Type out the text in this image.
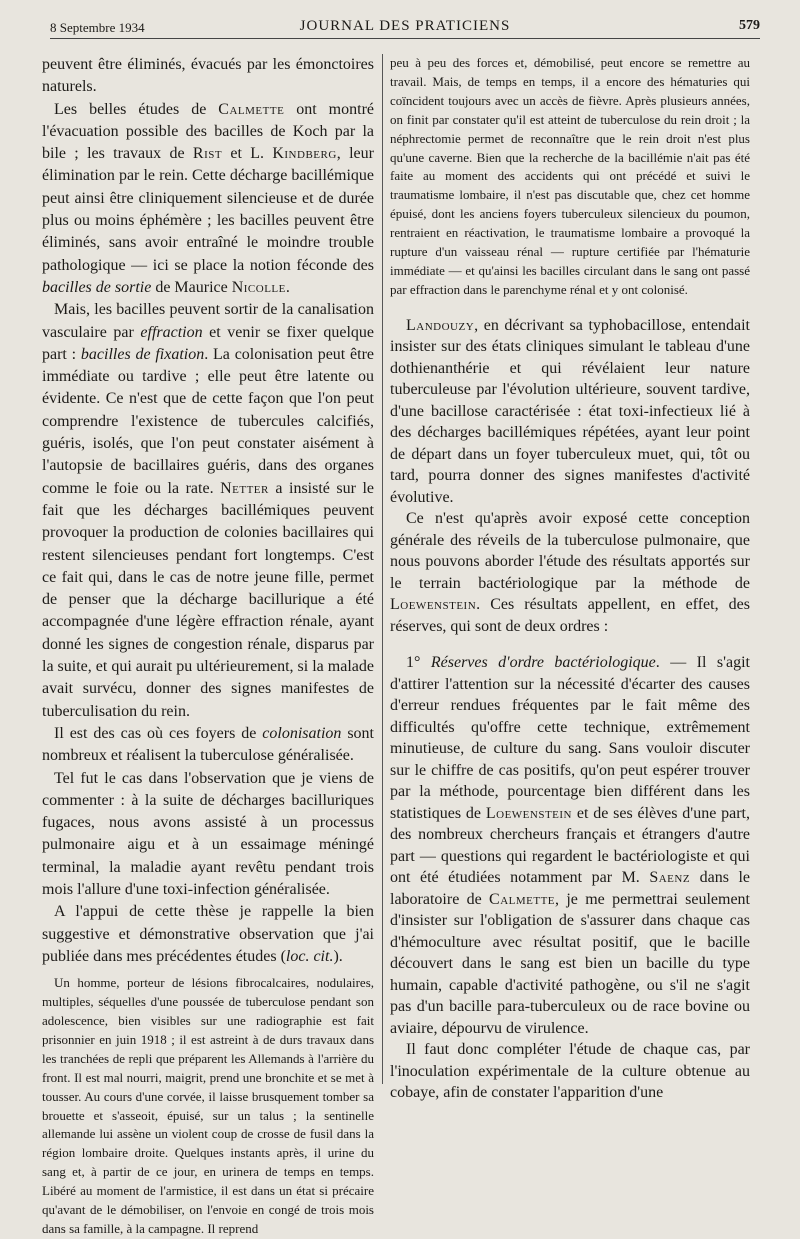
8 Septembre 1934	JOURNAL DES PRATICIENS	579

peuvent être éliminés, évacués par les émonctoires naturels.

Les belles études de Calmette ont montré l'évacuation possible des bacilles de Koch par la bile ; les travaux de Rist et L. Kindberg, leur élimination par le rein. Cette décharge bacillémique peut ainsi être cliniquement silencieuse et de durée plus ou moins éphémère ; les bacilles peuvent être éliminés, sans avoir entraîné le moindre trouble pathologique — ici se place la notion féconde des bacilles de sortie de Maurice Nicolle.

Mais, les bacilles peuvent sortir de la canalisation vasculaire par effraction et venir se fixer quelque part : bacilles de fixation. La colonisation peut être immédiate ou tardive ; elle peut être latente ou évidente. Ce n'est que de cette façon que l'on peut comprendre l'existence de tubercules calcifiés, guéris, isolés, que l'on peut constater aisément à l'autopsie de bacillaires guéris, dans des organes comme le foie ou la rate. Netter a insisté sur le fait que les décharges bacillémiques peuvent provoquer la production de colonies bacillaires qui restent silencieuses pendant fort longtemps. C'est ce fait qui, dans le cas de notre jeune fille, permet de penser que la décharge bacillurique a été accompagnée d'une légère effraction rénale, ayant donné les signes de congestion rénale, disparus par la suite, et qui aurait pu ultérieurement, si la malade avait survécu, donner des signes manifestes de tuberculisation du rein.

Il est des cas où ces foyers de colonisation sont nombreux et réalisent la tuberculose généralisée.

Tel fut le cas dans l'observation que je viens de commenter : à la suite de décharges bacilluriques fugaces, nous avons assisté à un processus pulmonaire aigu et à un essaimage méningé terminal, la maladie ayant revêtu pendant trois mois l'allure d'une toxi-infection généralisée.

A l'appui de cette thèse je rappelle la bien suggestive et démonstrative observation que j'ai publiée dans mes précédentes études (loc. cit.).

Un homme, porteur de lésions fibrocalcaires, nodulaires, multiples, séquelles d'une poussée de tuberculose pendant son adolescence, bien visibles sur une radiographie est fait prisonnier en juin 1918 ; il est astreint à de durs travaux dans les tranchées de repli que préparent les Allemands à l'arrière du front. Il est mal nourri, maigrit, prend une bronchite et se met à tousser. Au cours d'une corvée, il laisse brusquement tomber sa brouette et s'asseoit, épuisé, sur un talus ; la sentinelle allemande lui assène un violent coup de crosse de fusil dans la région lombaire droite. Quelques instants après, il urine du sang et, à partir de ce jour, en urinera de temps en temps. Libéré au moment de l'armistice, il est dans un état si précaire qu'avant de le démobiliser, on l'envoie en congé de trois mois dans sa famille, à la campagne. Il reprend

peu à peu des forces et, démobilisé, peut encore se remettre au travail. Mais, de temps en temps, il a encore des hématuries qui coïncident toujours avec un accès de fièvre. Après plusieurs années, on finit par constater qu'il est atteint de tuberculose du rein droit ; la néphrectomie permet de reconnaître que le rein droit n'est plus qu'une caverne. Bien que la recherche de la bacillémie n'ait pas été faite au moment des accidents qui ont précédé et suivi le traumatisme lombaire, il n'est pas discutable que, chez cet homme épuisé, dont les anciens foyers tuberculeux silencieux du poumon, rentraient en réactivation, le traumatisme lombaire a provoqué la rupture d'un vaisseau rénal — rupture certifiée par l'hématurie immédiate — et qu'ainsi les bacilles circulant dans le sang ont passé par effraction dans le parenchyme rénal et y ont colonisé.

Landouzy, en décrivant sa typhobacillose, entendait insister sur des états cliniques simulant le tableau d'une dothienanthérie et qui révélaient leur nature tuberculeuse par l'évolution ultérieure, souvent tardive, d'une bacillose caractérisée : état toxi-infectieux lié à des décharges bacillémiques répétées, ayant leur point de départ dans un foyer tuberculeux muet, qui, tôt ou tard, pourra donner des signes manifestes d'activité évolutive.

Ce n'est qu'après avoir exposé cette conception générale des réveils de la tuberculose pulmonaire, que nous pouvons aborder l'étude des résultats apportés sur le terrain bactériologique par la méthode de Loewenstein. Ces résultats appellent, en effet, des réserves, qui sont de deux ordres :

1° Réserves d'ordre bactériologique. — Il s'agit d'attirer l'attention sur la nécessité d'écarter des causes d'erreur rendues fréquentes par le fait même des difficultés qu'offre cette technique, extrêmement minutieuse, de culture du sang. Sans vouloir discuter sur le chiffre de cas positifs, qu'on peut espérer trouver par la méthode, pourcentage bien différent dans les statistiques de Loewenstein et de ses élèves d'une part, des nombreux chercheurs français et étrangers d'autre part — questions qui regardent le bactériologiste et qui ont été étudiées notamment par M. Saenz dans le laboratoire de Calmette, je me permettrai seulement d'insister sur l'obligation de s'assurer dans chaque cas d'hémoculture avec résultat positif, que le bacille découvert dans le sang est bien un bacille du type humain, capable d'activité pathogène, ou s'il ne s'agit pas d'un bacille para-tuberculeux ou de race bovine ou aviaire, dépourvu de virulence.

Il faut donc compléter l'étude de chaque cas, par l'inoculation expérimentale de la culture obtenue au cobaye, afin de constater l'apparition d'une
